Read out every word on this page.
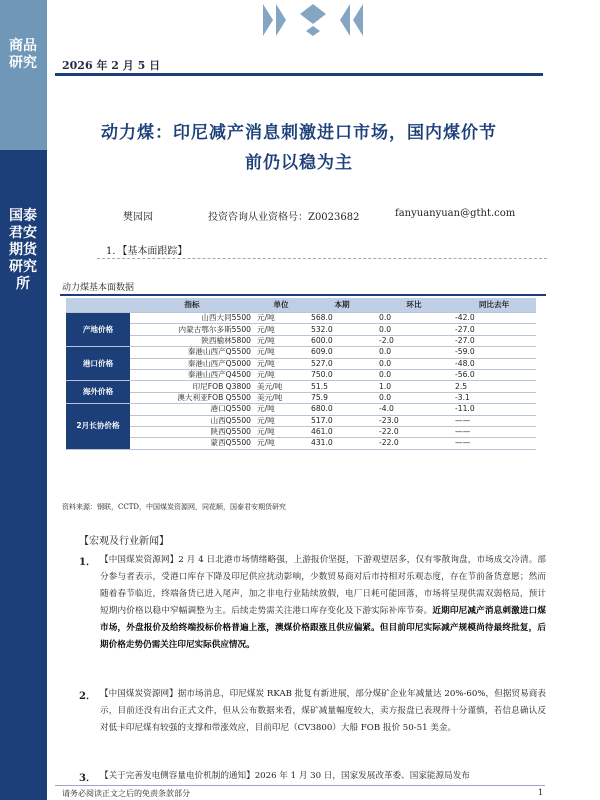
商品研究
国泰君安期货研究所
2026 年 2 月 5 日
动力煤：印尼减产消息刺激进口市场，国内煤价节
前仍以稳为主
樊园园	投资咨询从业资格号：Z0023682	fanyuanyuan@gtht.com
1．【基本面跟踪】
动力煤基本面数据
	指标	单位	本期	环比	同比去年
产地价格	山西大同5500	元/吨	568.0	0.0	-42.0
	内蒙古鄂尔多斯5500	元/吨	532.0	0.0	-27.0
	陕西榆林5800	元/吨	600.0	-2.0	-27.0
港口价格	秦港山西产Q5500	元/吨	609.0	0.0	-59.0
	秦港山西产Q5000	元/吨	527.0	0.0	-48.0
	秦港山西产Q4500	元/吨	750.0	0.0	-56.0
海外价格	印尼FOB Q3800	美元/吨	51.5	1.0	2.5
	澳大利亚FOB Q5500	美元/吨	75.9	0.0	-3.1
2月长协价格	港口Q5500	元/吨	680.0	-4.0	-11.0
	山西Q5500	元/吨	517.0	-23.0	——
	陕西Q5500	元/吨	461.0	-22.0	——
	蒙西Q5500	元/吨	431.0	-22.0	——
资料来源：钢联，CCTD，中国煤炭资源网，同花顺，国泰君安期货研究
【宏观及行业新闻】
1． 【中国煤炭资源网】2 月 4 日北港市场情绪略强，上游报价坚挺，下游观望居多，仅有零散询盘，市场成交冷清。部分参与者表示，受港口库存下降及印尼供应扰动影响，少数贸易商对后市持相对乐观态度，存在节前备货意愿；然而随着春节临近，终端备货已进入尾声，加之非电行业陆续放假，电厂日耗可能回落，市场将呈现供需双弱格局，预计短期内价格以稳中窄幅调整为主。后续走势需关注港口库存变化及下游实际补库节奏。近期印尼减产消息刺激进口煤市场，外盘报价及给终端投标价格普遍上涨，澳煤价格跟涨且供应偏紧。但目前印尼实际减产规模尚待最终批复，后期价格走势仍需关注印尼实际供应情况。
2． 【中国煤炭资源网】据市场消息，印尼煤炭 RKAB 批复有新进展，部分煤矿企业年减量达 20%-60%，但据贸易商表示，目前还没有出台正式文件，但从公布数据来看，煤矿减量幅度较大，卖方报盘已表现得十分谨慎，若信息确认反对低卡印尼煤有较强的支撑和带涨效应，目前印尼（CV3800）大船 FOB 报价 50-51 美金。
3． 【关于完善发电侧容量电价机制的通知】2026 年 1 月 30 日，国家发展改革委、国家能源局发布
请务必阅读正文之后的免责条款部分	1
